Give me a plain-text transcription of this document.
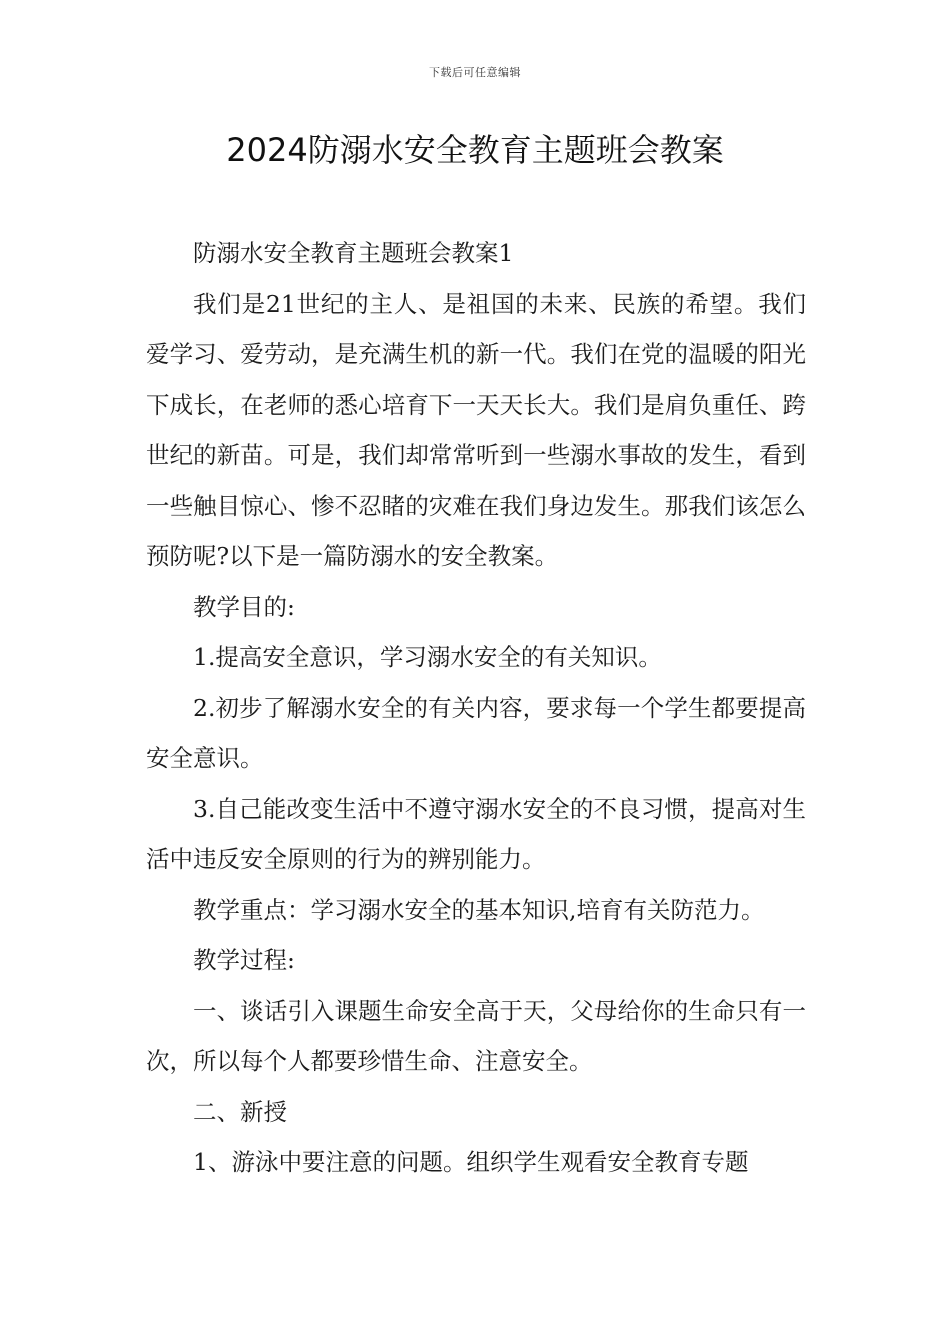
下载后可任意编辑
2024防溺水安全教育主题班会教案

防溺水安全教育主题班会教案1

我们是21世纪的主人、是祖国的未来、民族的希望。我们爱学习、爱劳动，是充满生机的新一代。我们在党的温暖的阳光下成长，在老师的悉心培育下一天天长大。我们是肩负重任、跨世纪的新苗。可是，我们却常常听到一些溺水事故的发生，看到一些触目惊心、惨不忍睹的灾难在我们身边发生。那我们该怎么预防呢?以下是一篇防溺水的安全教案。

教学目的:

1.提高安全意识，学习溺水安全的有关知识。

2.初步了解溺水安全的有关内容，要求每一个学生都要提高安全意识。

3.自己能改变生活中不遵守溺水安全的不良习惯，提高对生活中违反安全原则的行为的辨别能力。

教学重点：学习溺水安全的基本知识,培育有关防范力。

教学过程:

一、谈话引入课题生命安全高于天，父母给你的生命只有一次，所以每个人都要珍惜生命、注意安全。

二、新授

1、游泳中要注意的问题。组织学生观看安全教育专题
